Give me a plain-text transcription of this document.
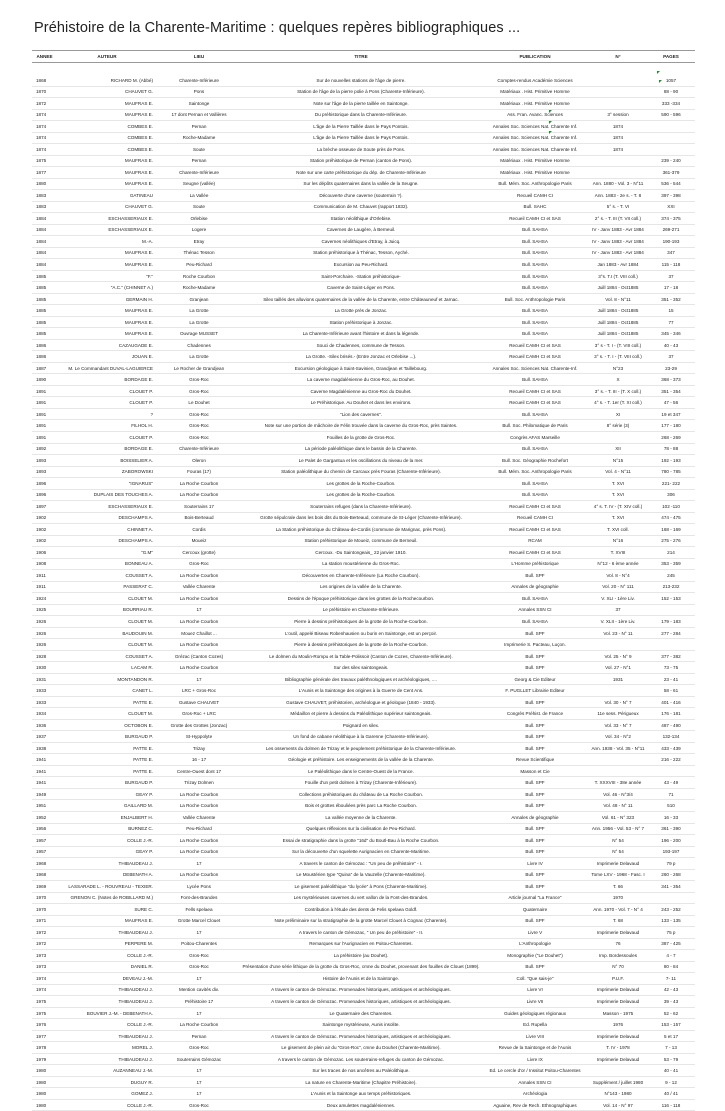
Préhistoire de la Charente-Maritime : quelques repères bibliographiques ...
ANNEE	AUTEUR	LIEU	TITRE	PUBLICATION	N°	PAGES

1868	RICHARD M. (Abbé)	Charente-Inférieure	Sur de nouvelles stations de l'âge de pierre.	Comptes-rendus Académie Sciences		1057
1870	CHAUVET G.	Pons	Station de l'âge de la pierre polie à Pons (Charente-Inférieure).	Matériaux . Hist. Primitive Homme		88 - 90
1872	MAUFRAS E.	Saintonge	Note sur l'âge de la pierre taillée en Saintonge.	Matériaux . Hist. Primitive Homme		333 -334
1874	MAUFRAS E.	17 dont Pernan et Vallières	Du préhistorique dans la Charente-Inférieure.	Ass. Fran. Avanc. Sciences	3° session	590 - 596
1874	COMBES E.	Pernan	L'âge de la Pierre Taillée dans le Pays Pontois.	Annales Soc. Sciences Nat. Charente Inf.	1874	
1874	COMBES E.	Roche-Madame	L'âge de la Pierre Taillée dans le Pays Pontois.	Annales Soc. Sciences Nat. Charente Inf.	1874	
1874	COMBES E.	Soute	La brèche osseuse de Soute près de Pons.	Annales Soc. Sciences Nat. Charente Inf.	1874	
1875	MAUFRAS E.	Pernan	Station préhistorique de Pernan (canton de Pons).	Matériaux . Hist. Primitive Homme		239 - 240
1877	MAUFRAS E.	Charente-Inférieure	Note sur une carte préhistorique du dép. de Charente-Inférieure	Matériaux . Hist. Primitive Homme		361-379
1880	MAUFRAS E.	Seugne (vallée)	Sur les dépôts quaternaires dans la vallée de la Seugne.	Bull. Mém. Soc. Anthropologie Paris	Ann. 1880 - Vol. 3 - N°11	536 - 544
1883	GATINEAU	La Vallée	Découverte d'une caverne (souterrain ?).	Recueil CAMH CI	Ann. 1883 - 2e s. - T. 8	397 - 398
1883	CHAUVET G.	Soute	Communication de M. Chauvet (rapport 1832).	Bull. SAHC	5° s. - T. VI	XXI
1884	ESCHASSERIAUX E.	Orlebise	Station néolithique d'Orlebise.	Recueil CAMH CI et SAS	2° s. - T. III (T. VII coll.)	374 - 375
1884	ESCHASSERIAUX E.	Logere	Cavernes de Laugère, à Berneuil.	Bull. SAHSA	IV - Janv 1883 - Avr 1884	269-271
1884	M.-A.	Etray	Cavernes néolithiques d'Etray, à Juicq.	Bull. SAHSA	IV - Janv 1883 - Avr 1884	190-193
1884	MAUFRAS E.	Thénac Tesson	Station préhistorique à Thénac, Tesson, Ayché.	Bull. SAHSA	IV - Janv 1883 - Avr 1884	347
1884	MAUFRAS E.	Peu-Richard	Excursion au Peu-Richard.	Bull. SAHSA	Jan 1883 - Avr 1884	115 - 118
1885	"F."	Roche Courbon	Saint-Porchaire. -Station préhistorique-	Bull. SAHSA	3°s. T.I (T. VIII coll.)	37
1885	"A.C." (CHINNET A.)	Roche-Madame	Caverne de Saint-Léger en Pons.	Bull. SAHSA	Juill 1884 - Oct1885	17 - 18
1885	GERMAIN H.	Granjean	Silex taillés des alluvions quaternaires de la vallée de la Charente, entre Châteauneuf et Jarnac.	Bull. Soc. Anthropologie Paris	Vol. 8 - N°11	351 - 352
1885	MAUFRAS E.	La Grotte	La Grotte près de Jonzac.	Bull. SAHSA	Juill 1884 - Oct1885	15
1885	MAUFRAS E.	La Grotte	Station préhistorique à Jonzac.	Bull. SAHSA	Juill 1884 - Oct1885	77
1885	MAUFRAS E.	Ouvrage MUSSET	La Charente-Inférieure avant l'histoire et dans la légende.	Bull. SAHSA	Juill 1884 - Oct1885	345 - 346
1886	CAZAUGADE E.	Chadennes	Souci de Chadennes, commune de Tesson.	Recueil CAMH CI et SAS	3° s - T. I - (T. VIII coll.)	40 - 43
1886	JOUAN E.	La Grotte	La Grotte. -Silex brisés.- (Entre Jonzac et Orlebise ...).	Recueil CAMH CI et SAS	3° s. - T. I - (T. VIII coll.)	37
1887	M. Le Commandant DUVAL-LAGUIERCE	Le Rocher de Grandjean	Excursion géologique à Saint-Savinien, Grandjean et Taillebourg.	Annales Soc. Sciences Nat. Charente-Inf.	N°23	23-29
1890	BORDAGE E.	Gros-Roc	La caverne magdalénienne du Gros-Roc, au Douhet.	Bull. SAHSA	X	368 - 373
1891	CLOUET P.	Gros-Roc	Caverne Magdalénienne au Gros-Roc du Douhet.	Recueil CAMH CI et SAS	3° s. - T. III - (T. X coll.)	351 - 354
1891	CLOUET P.	Le Douhet	Le Préhistorique. Au Douhet et dans les environs.	Recueil CAMH CI et SAS	4° s. - T. 1er (T. XI coll.)	47 - 56
1891	?	Gros-Roc	"Lion des cavernes".	Bull. SAHSA	XI	19 et 347
1891	FILHOL H.	Gros-Roc	Note sur une portion de mâchoire de Félin trouvée dans la caverne du Gros-Roc, près Saintes.	Bull. Soc. Philomatique de Paris	8° série (3)	177 - 180
1891	CLOUET P.	Gros-Roc	Fouilles de la grotte de Gros-Roc.	Congrès AFAS Marseille		268 - 269
1892	BORDAGE E.	Charente-Inférieure	La période paléolithique dans le bassin de la Charente.	Bull. SAHSA	XII	78 - 88
1893	BOISSELIER A.	Oleron	Le Palet de Gargantua et les oscillations du niveau de la mer.	Bull. Soc. Géographie Rochefort	N°15	192 - 193
1893	ZABOROWSKI	Fouras (17)	Station paléolithique du chemin de Carcaux près Fouras (Charente-Inférieure).	Bull. Mém. Soc. Anthropologie Paris	Vol. 4 - N°11	780 - 785
1896	"IGNARUS"	La Roche Courbon	Les grottes de la Roche-Courbon.	Bull. SAHSA	T. XVI	221- 222
1896	DUPLAIS DES TOUCHES A.	La Roche Courbon	Les grottes de la Roche-Courbon.	Bull. SAHSA	T. XVI	306
1897	ESCHASSERIAUX E.	Souterrains 17	Souterrains refuges (dans la Charente-Inférieure).	Recueil CAMH CI et SAS	4° s. T. IV - (T. XIV coll.)	102 -110
1902	DESCHAMPS A.	Bois-Berteaud	Grotte sépulcrale dans les bois dits du Bois-Berteaud, commune de St-Léger (Charente-Inférieure).	Recueil CAMH CI	T. XVI	474 - 475
1902	CHINNET A.	Cordis	La Station préhistorique du Château-de-Cordis (commune de Marignac, près Pons).	Recueil CAMH CI et SAS	T. XVI coll.	168 - 169
1902	DESCHAMPS A.	Moueiz	Station préhistorique de Moueiz, commune de Berneuil.	RCAM	N°16	275 - 276
1906	"G.M"	Cercoux (grotte)	Cercoux. -Du Saintongeais_ 22 janvier 1910.	Recueil CAMH CI et SAS	T. XVIII	214
1908	BONNEAU A.	Gros-Roc	La station moustérienne du Gros-Roc.	L'Homme préhistorique	N°12 - 6 ème année	353 - 359
1911	COUSSET A.	La Roche Courbon	Découvertes en Charente-Inférieure (La Roche Courbon).	Bull. SPF	Vol. 8 - N°4	245
1911	PASSERAT C.	Vallée Charente	Les origines de la vallée de la Charente.	Annales de géographie	Vol. 20 - N° 111	213-232
1924	CLOUET M.	La Roche Courbon	Dessins de l'époque préhistorique dans les grottes de la Rochecourbon.	Bull. SAHSA	V. XLI - 1ère Liv.	152 - 153
1925	BOURRIAU R.	17	Le préhistoire en Charente-Inférieure.	Annales SSN CI	37	
1926	CLOUET M.	La Roche Courbon	Pierre à dessins préhistoriques de la grotte de la Roche-Courbon.	Bull. SAHSA	V. XLII - 1ère Liv.	179 - 183
1926	BAUDOUIN M.	Mouez Chaillot ...	L'outil, appelé Biseau Robenhausien ou burin en Saintonge, est un perçoir.	Bull. SPF	Vol. 23 - N° 11	277 - 284
1926	CLOUET M.	La Roche Courbon	Pierre à dessins préhistoriques de la grotte de la Roche-Courbon.	Imprimerie S. Pacteau, Luçon.		
1928	COUSSET A.	Grézac (Canton Cozes)	Le dolmen du Moulin-Rompu et la Table-Polissoir (Canton de Cozes, Charente-Inférieure).	Bull. SPF	Vol. 25 - N° 9	377 - 382
1930	LACAM R.	La Roche Courbon	Sur des silex saintongeais.	Bull. SPF	Vol. 27 - N°1	73 - 75
1931	MONTANDON R.	17	Bibliographie générale des travaux paléthnologiques et archéologiques, ....	Georg & Cie Editeur	1931	23 - 41
1933	CANET L.	LRC + Gros-Roc	L'Aunis et la Saintonge des origines à la Guerre de Cent Ans.	F. PUGLLET Librairie Editeur		58 - 61
1933	PATTE E.	Gustave CHAUVET	Gustave CHAUVET, préhistorien, archéologue et géologue (1840 - 1933).	Bull. SPF	Vol. 30 - N° 7	401 - 416
1934	CLOUET M.	Gros-Roc + LRC	Médaillon et pierre à dessins du Paléolithique supérieur saintongeais.	Congrès Préhist. de France	11e sess. Périgueux	176 - 181
1936	OCTOBON E.	Grotte des Grottes (Jonzac)	Poignard en silex.	Bull. SPF	Vol. 33 - N° 7	487 - 490
1937	BURGAUD P.	St-Hyppolyte	Un fond de cabane néolithique à la Garenne (Charente-Inférieure).	Bull. SPF	Vol. 34 - N°2	132-134
1938	PATTE E.	Trizay	Les ossements du dolmen de Trizay et le peuplement préhistorique de la Charente-Inférieure.	Bull. SPF	Ann. 1938 - Vol. 35 - N°11	433 - 439
1941	PATTE E.	16 - 17	Géologie et préhistoire. Les enseignements de la vallée de la Charente.	Revue Scientifique		216 - 222
1941	PATTE E.	Centre-Ouest dont 17	Le Paléolithique dans le Centre-Ouest de la France.	Masson et Cie		
1941	BURGAUD P.	Trizay Dolmen	Fouille d'un petit dolmen à Trizay (Charente-Inférieure).	Bull. SPF	T. XXXVIII - 38e année	43 - 49
1949	GEAY P.	La Roche Courbon	Collections préhistoriques du château de La Roche Courbon.	Bull. SPF	Vol. 46 - N°3/4	71
1951	GAILLARD M.	La Roche Courbon	Bois et grottes ébouliées près parc La Roche Courbon.	Bull. SPF	Vol. 48 - N° 11	510
1952	ENJALBERT H.	Vallée Charente	La vallée moyenne de la Charente.	Annales de géographie	Vol. 61 - N° 323	16 - 33
1956	BURNEZ C.	Peu-Richard	Quelques réflexions sur la civilisation de Peu-Richard.	Bull. SPF	Ann. 1956 - Vol. 53 - N° 7	361 - 390
1957	COLLE J.-R.	La Roche Courbon	Essai de stratigraphie dans la grotte "16d" du Boutl-Bau à la Roche Courbon.	Bull. SPF	N° 54	196 - 200
1957	GEAY P.	La Roche Courbon	Sur la découverte d'un squelette Aurignacien en Charente-Maritime.	Bull. SPF	N° 54	193-197
1968	THIBAUDEAU J.	17	A travers le canton de Gémozac : "Un peu de préhistoire" - I.	Livre IV	Imprimerie Delavaud	79 p
1968	DEBENATH A.	La Roche Courbon	Le Moustérien type "Quina" de la Vauzelle (Charente-Maritime).	Bull. SPF	Tome LXV - 1968 - Fasc. I	260 - 268
1969	LASSARADE L. - ROUVREAU - TEXIER.	Lycée Pons	Le gisement paléolithique "du lycée" à Pons (Charente-Maritime).	Bull. SPF	T. 66	341 - 354
1970	GRENON C. (Notes de ROBILLARD M.)	Font-des-Brandes	Les mystérieuses cavernes du vert vallon de la Font-des-Brandes.	Article journal "La France"	1970	
1970	SURE C.	Fells spelaea	Contribution à l'étude des dents de Felis spelaea Goldf.	Quaternaire	Ann. 1970 - Vol. 7 - N° 4	243 - 252
1971	MAUFRAS E.	Grotte Marcel Clouet	Note préliminaire sur la stratigraphie de la grotte Marcel Clouet à Cognac (Charente).	Bull. SPF	T. 68	133 - 135
1972	THIBAUDEAU J.	17	A travers le canton de Gémozac, " Un peu de préhistoire" - II.	Livre V	Imprimerie Delavaud	75 p
1972	PERPERE M.	Poitou-Charentes	Remarques sur l'Aurignacien en Poitou-Charentes.	L'Anthropologie	76	387 - 425
1973	COLLE J.-R.	Gros-Roc	La préhistoire (au Douhet).	Monographie ("Le Douhet")	Imp. Bordessoules	4 - 7
1973	DANIEL R.	Gros-Roc	Présentation d'une série lithique de la grotte du Gros-Roc, cmne du Douhet, provenant des fouilles de Clouet (1899).	Bull. SPF	N° 70	80 - 84
1974	DEVEAU J.-M.	17	Histoire de l'Aunis et de la Saintonge.	Coll. "Que sais-je"	P.U.F.	7- 11
1974	THIBAUDEAU J.	Mention cavités div.	A travers le canton de Gémozac. Promenades historiques, artistiques et archéologiques.	Livre VI	Imprimerie Delavaud	42 - 43
1975	THIBAUDEAU J.	Préhistoire 17	A travers le canton de Gémozac. Promenades historiques, artistiques et archéologiques.	Livre VII	Imprimerie Delavaud	39 - 43
1975	BOUVIER J.-M. - DEBENATH A.	17	Le Quaternaire des Charentes.	Guides géologiques régionaux	Masson - 1975	52 - 62
1976	COLLE J.-R.	La Roche Courbon	Saintonge mystérieuse, Aunis insolite.	Ed. Rupella	1976	153 - 157
1977	THIBAUDEAU J.	Pernan	A travers le canton de Gémozac. Promenades historiques, artistiques et archéologiques.	Livre VIII	Imprimerie Delavaud	5 et 17
1978	MOREL J.	Gros-Roc	Le gisement de plein air du "Gros-Roc", cmne du Douhet (Charente-Maritime).	Revue de la Saintonge et de l'Aunis	T. IV - 1978	7 - 13
1979	THIBAUDEAU J.	Souterrains Gémozac	A travers le canton de Gémozac. Les souterrains-refuges du canton de Gémozac.	Livre IX	Imprimerie Delavaud	53 - 79
1980	AUZANNEAU J.-M.	17	Sur les traces de nos ancêtres au Paléolithique.	Ed. Le cercle d'or / Inssitut Poitou-Charentes		40 - 41
1980	DUGUY R.	17	La nature en Charente-Maritime (Chapitre Préhistoire).	Annales SSN CI	Supplément / juillet 1980	9 - 12
1980	GOMEZ J.	17	L'Aunis et la Saintonge aux temps préhistoriques.	Archéologia	N°143 - 1980	40 / 41
1980	COLLE J.-R.	Gros-Roc	Deux amulettes magdaléniennes.	Aguaine, Rev de Rech. Ethnographiques	Vol. 14 - N° 97	116 - 118
